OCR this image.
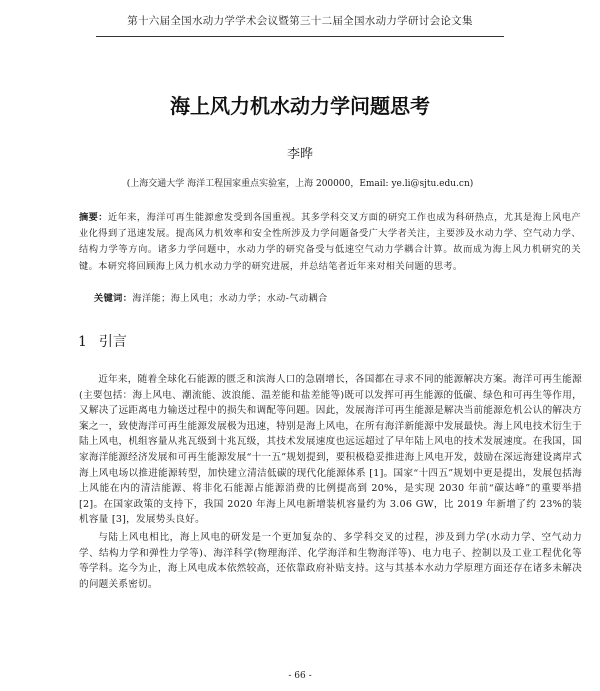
第十六届全国水动力学学术会议暨第三十二届全国水动力学研讨会论文集
海上风力机水动力学问题思考
李晔
(上海交通大学 海洋工程国家重点实验室，上海 200000，Email: ye.li@sjtu.edu.cn)
摘要：近年来，海洋可再生能源愈发受到各国重视。其多学科交叉方面的研究工作也成为科研热点，尤其是海上风电产业化得到了迅速发展。提高风力机效率和安全性所涉及力学问题备受广大学者关注，主要涉及水动力学、空气动力学、结构力学等方向。诸多力学问题中，水动力学的研究备受与低速空气动力学耦合计算。故而成为海上风力机研究的关键。本研究将回顾海上风力机水动力学的研究进展，并总结笔者近年来对相关问题的思考。
关键词：海洋能；海上风电；水动力学；水动-气动耦合
1 引言

近年来，随着全球化石能源的匮乏和滨海人口的急剧增长，各国都在寻求不同的能源解决方案。海洋可再生能源(主要包括：海上风电、潮流能、波浪能、温差能和盐差能等)既可以发挥可再生能源的低碳、绿色和可再生等作用，又解决了远距离电力输送过程中的损失和调配等问题。因此，发展海洋可再生能源是解决当前能源危机公认的解决方案之一，致使海洋可再生能源发展极为迅速，特别是海上风电，在所有海洋新能源中发展最快。海上风电技术衍生于陆上风电，机组容量从兆瓦级到十兆瓦级，其技术发展速度也远远超过了早年陆上风电的技术发展速度。在我国，国家海洋能源经济发展和可再生能源发展“十一五”规划提到，要积极稳妥推进海上风电开发，鼓励在深远海建设离岸式海上风电场以推进能源转型，加快建立清洁低碳的现代化能源体系 [1]。国家“十四五”规划中更是提出，发展包括海上风能在内的清洁能源、将非化石能源占能源消费的比例提高到 20%，是实现 2030 年前“碳达峰”的重要举措 [2]。在国家政策的支持下，我国 2020 年海上风电新增装机容量约为 3.06 GW，比 2019 年新增了约 23%的装机容量 [3]，发展势头良好。

与陆上风电相比，海上风电的研发是一个更加复杂的、多学科交叉的过程，涉及到力学(水动力学、空气动力学、结构力学和弹性力学等)、海洋科学(物理海洋、化学海洋和生物海洋等)、电力电子、控制以及工业工程优化等等学科。迄今为止，海上风电成本依然较高，还依靠政府补贴支持。这与其基本水动力学原理方面还存在诸多未解决的问题关系密切。

- 66 -
